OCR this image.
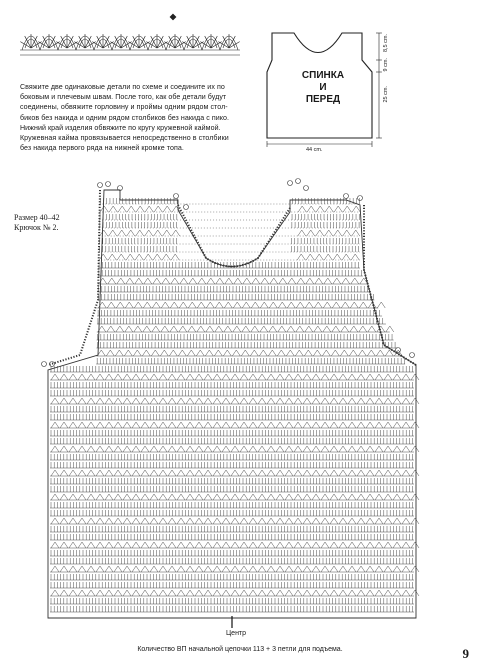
СПИНКА
И
ПЕРЕД
44 cm.
8,5 cm.
9 cm.
25 cm.

Свяжите две одинаковые детали по схеме и соедините их по

боковым и плечевым швам. После того, как обе детали будут

соединены, обвяжите горловину и проймы одним рядом стол-

биков без накида и одним рядом столбиков без накида с пико.

Нижний край изделия обвяжите по кругу кружевной каймой.

Кружевная кайма провязывается непосредственно в столбики

без накида первого ряда на нижней кромке топа.

Размер 40–42
Крючок № 2.
Центр
Количество ВП начальной цепочки 113 + 3 петли для подъема.	9
